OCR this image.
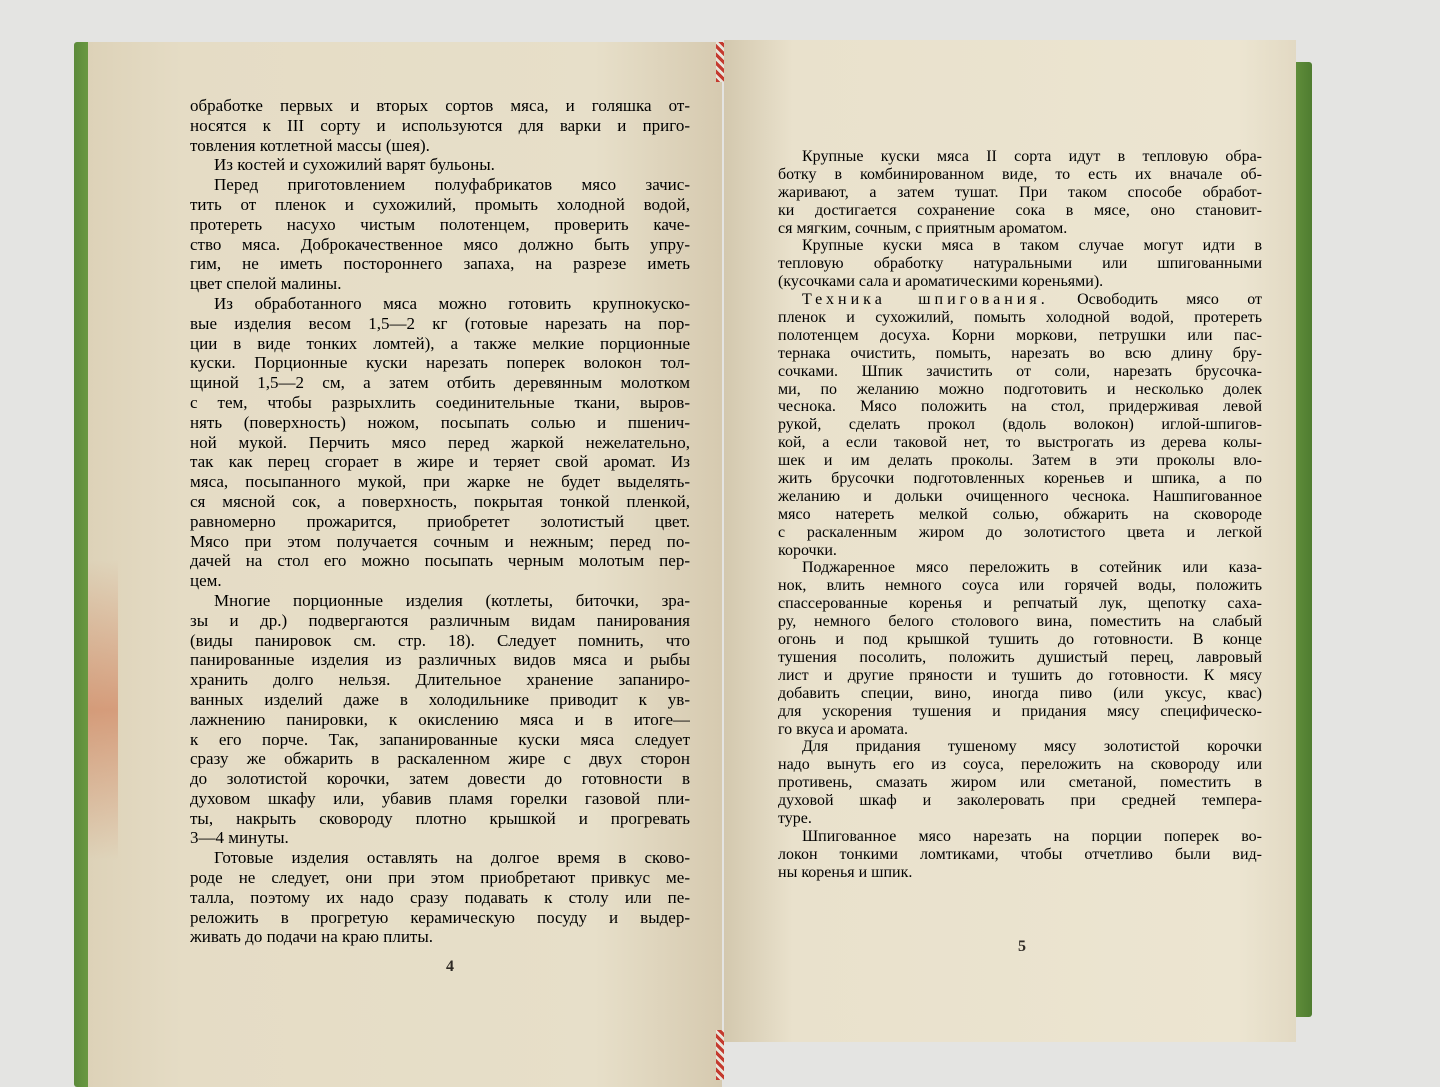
обработке первых и вторых сортов мяса, и голяшка от-
носятся к III сорту и используются для варки и приго-
товления котлетной массы (шея).
Из костей и сухожилий варят бульоны.
Перед приготовлением полуфабрикатов мясо зачис-
тить от пленок и сухожилий, промыть холодной водой,
протереть насухо чистым полотенцем, проверить каче-
ство мяса. Доброкачественное мясо должно быть упру-
гим, не иметь постороннего запаха, на разрезе иметь
цвет спелой малины.
Из обработанного мяса можно готовить крупнокуско-
вые изделия весом 1,5—2 кг (готовые нарезать на пор-
ции в виде тонких ломтей), а также мелкие порционные
куски. Порционные куски нарезать поперек волокон тол-
щиной 1,5—2 см, а затем отбить деревянным молотком
с тем, чтобы разрыхлить соединительные ткани, выров-
нять (поверхность) ножом, посыпать солью и пшенич-
ной мукой. Перчить мясо перед жаркой нежелательно,
так как перец сгорает в жире и теряет свой аромат. Из
мяса, посыпанного мукой, при жарке не будет выделять-
ся мясной сок, а поверхность, покрытая тонкой пленкой,
равномерно прожарится, приобретет золотистый цвет.
Мясо при этом получается сочным и нежным; перед по-
дачей на стол его можно посыпать черным молотым пер-
цем.
Многие порционные изделия (котлеты, биточки, зра-
зы и др.) подвергаются различным видам панирования
(виды панировок см. стр. 18). Следует помнить, что
панированные изделия из различных видов мяса и рыбы
хранить долго нельзя. Длительное хранение запаниро-
ванных изделий даже в холодильнике приводит к ув-
лажнению панировки, к окислению мяса и в итоге—
к его порче. Так, запанированные куски мяса следует
сразу же обжарить в раскаленном жире с двух сторон
до золотистой корочки, затем довести до готовности в
духовом шкафу или, убавив пламя горелки газовой пли-
ты, накрыть сковороду плотно крышкой и прогревать
3—4 минуты.
Готовые изделия оставлять на долгое время в сково-
роде не следует, они при этом приобретают привкус ме-
талла, поэтому их надо сразу подавать к столу или пе-
реложить в прогретую керамическую посуду и выдер-
живать до подачи на краю плиты.
Крупные куски мяса II сорта идут в тепловую обра-
ботку в комбинированном виде, то есть их вначале об-
жаривают, а затем тушат. При таком способе обработ-
ки достигается сохранение сока в мясе, оно становит-
ся мягким, сочным, с приятным ароматом.
Крупные куски мяса в таком случае могут идти в
тепловую обработку натуральными или шпигованными
(кусочками сала и ароматическими кореньями).
Техника шпигования. Освободить мясо от
пленок и сухожилий, помыть холодной водой, протереть
полотенцем досуха. Корни моркови, петрушки или пас-
тернака очистить, помыть, нарезать во всю длину бру-
сочками. Шпик зачистить от соли, нарезать брусочка-
ми, по желанию можно подготовить и несколько долек
чеснока. Мясо положить на стол, придерживая левой
рукой, сделать прокол (вдоль волокон) иглой-шпигов-
кой, а если таковой нет, то выстрогать из дерева колы-
шек и им делать проколы. Затем в эти проколы вло-
жить брусочки подготовленных кореньев и шпика, а по
желанию и дольки очищенного чеснока. Нашпигованное
мясо натереть мелкой солью, обжарить на сковороде
с раскаленным жиром до золотистого цвета и легкой
корочки.
Поджаренное мясо переложить в сотейник или каза-
нок, влить немного соуса или горячей воды, положить
спассерованные коренья и репчатый лук, щепотку саха-
ру, немного белого столового вина, поместить на слабый
огонь и под крышкой тушить до готовности. В конце
тушения посолить, положить душистый перец, лавровый
лист и другие пряности и тушить до готовности. К мясу
добавить специи, вино, иногда пиво (или уксус, квас)
для ускорения тушения и придания мясу специфическо-
го вкуса и аромата.
Для придания тушеному мясу золотистой корочки
надо вынуть его из соуса, переложить на сковороду или
противень, смазать жиром или сметаной, поместить в
духовой шкаф и заколеровать при средней темпера-
туре.
Шпигованное мясо нарезать на порции поперек во-
локон тонкими ломтиками, чтобы отчетливо были вид-
ны коренья и шпик.
4
5
